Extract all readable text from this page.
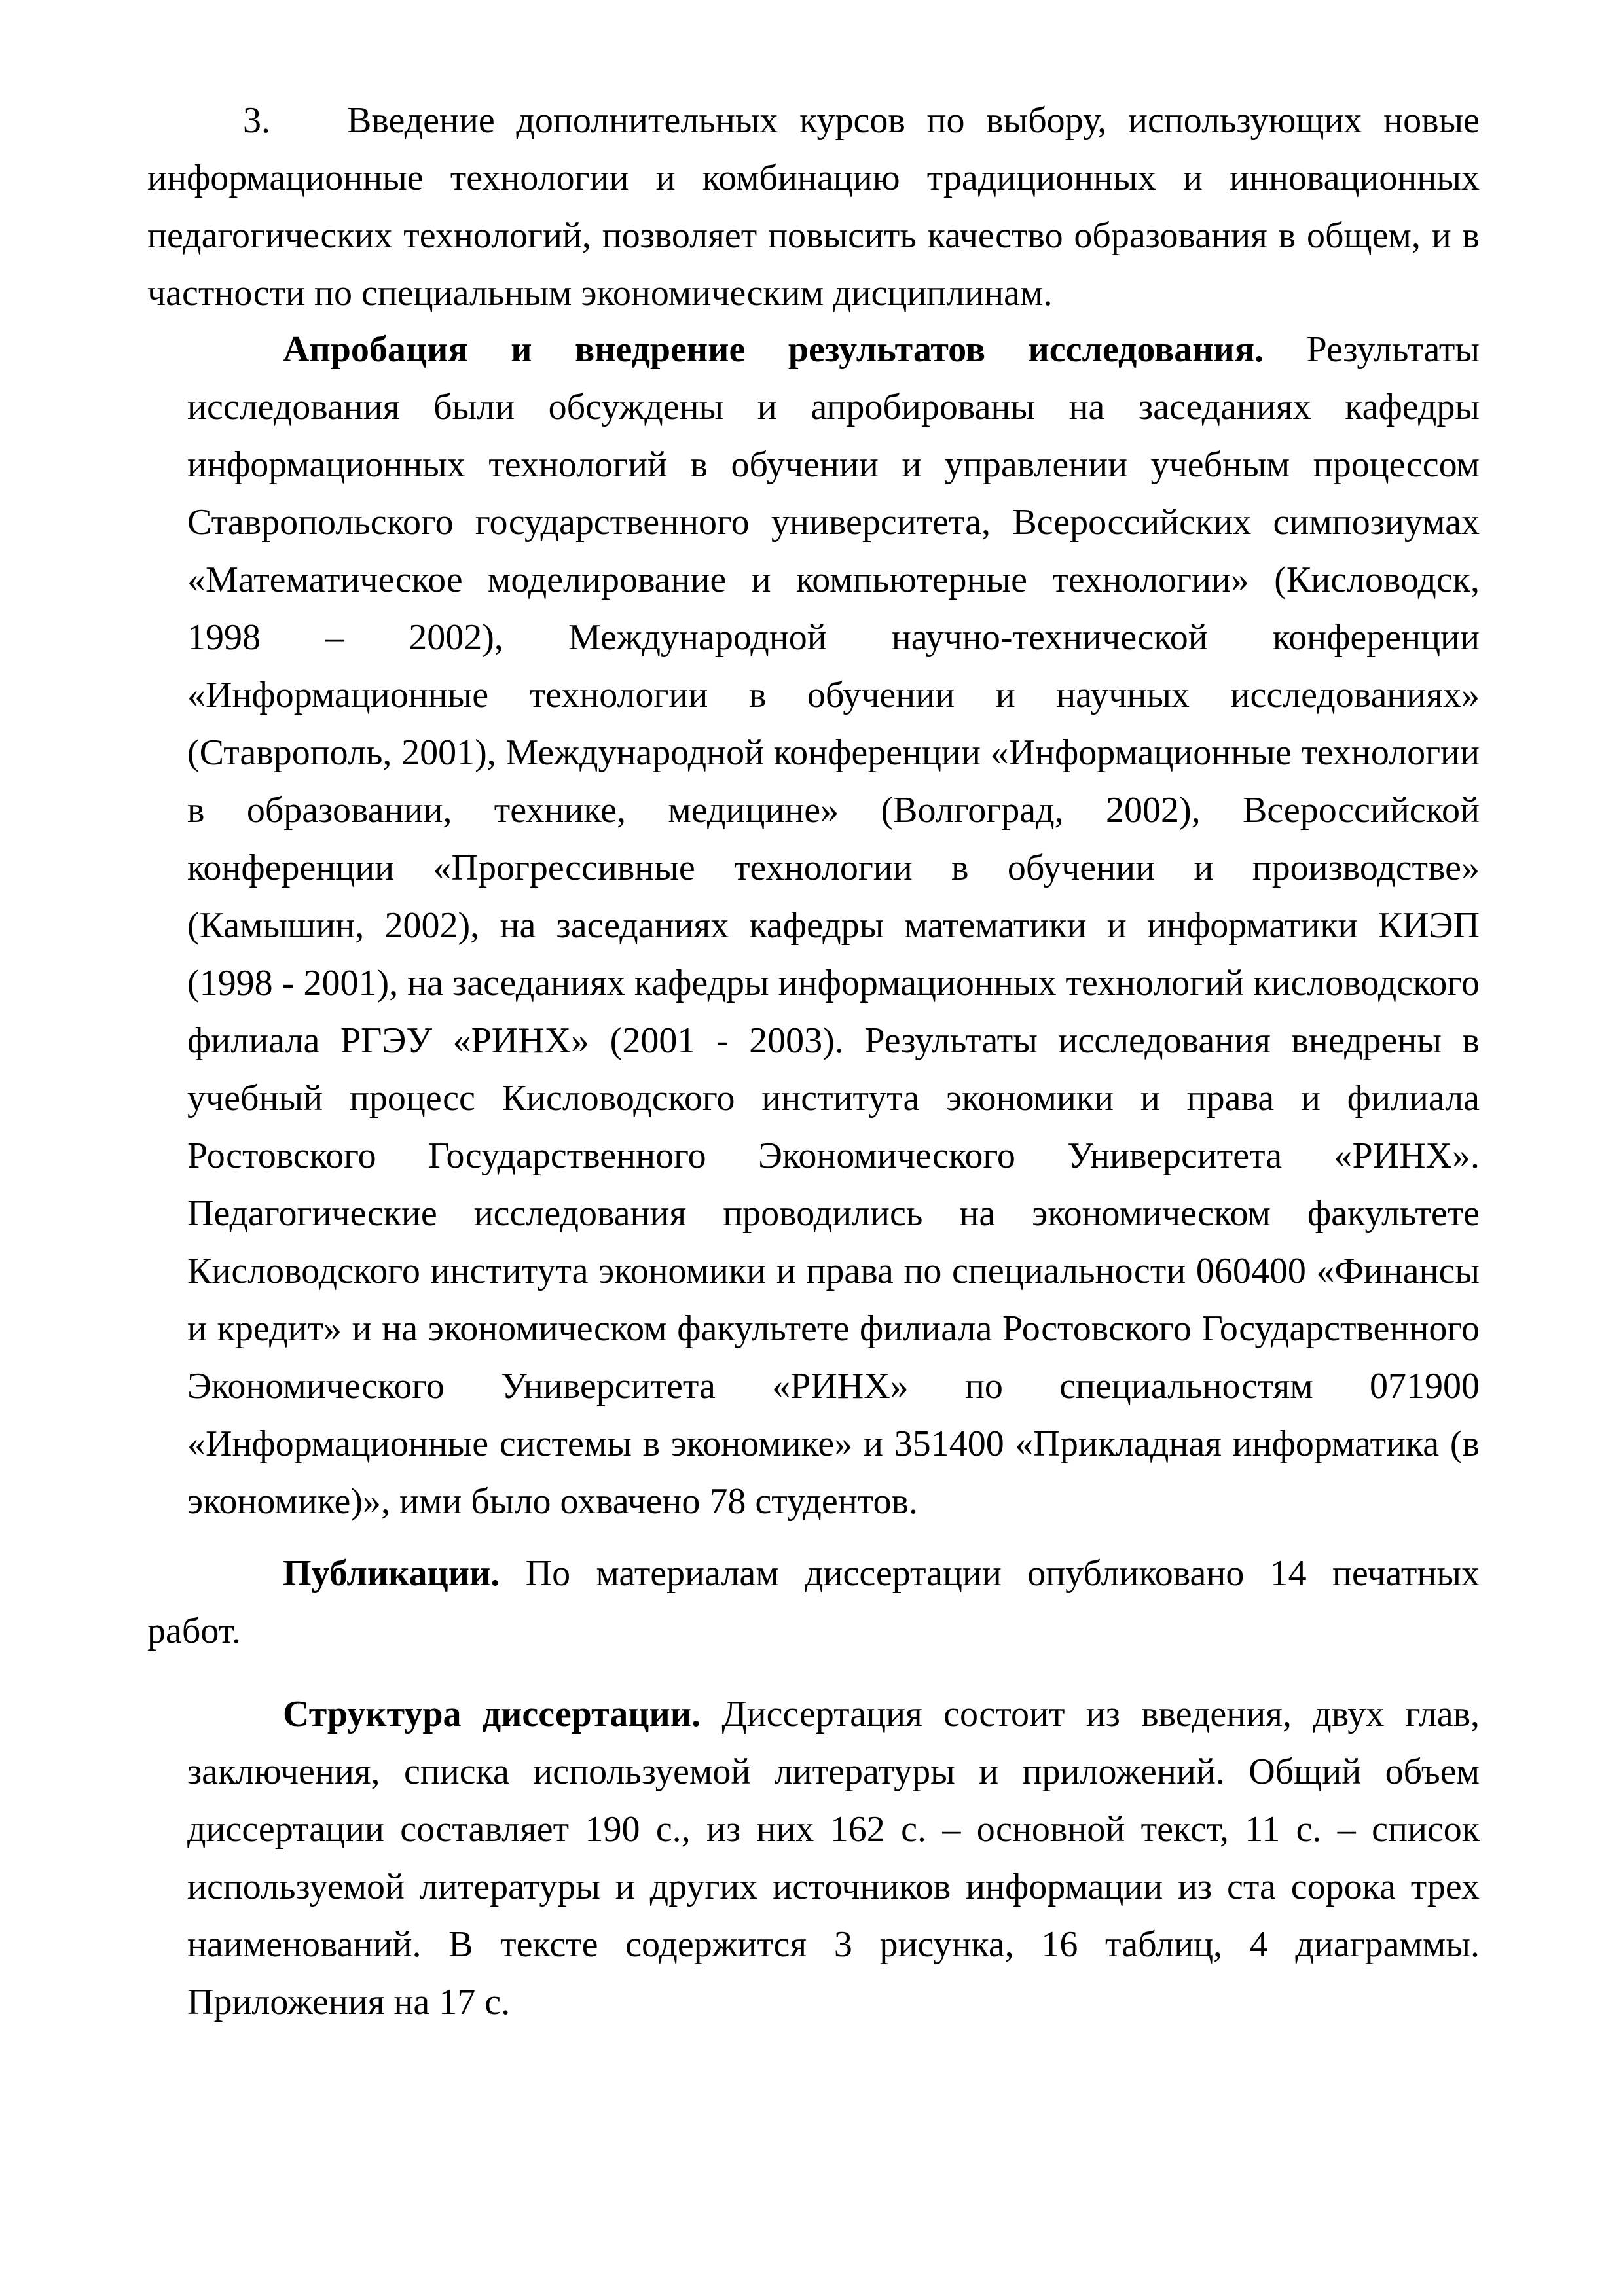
3. Введение дополнительных курсов по выбору, использующих новые информационные технологии и комбинацию традиционных и инновационных педагогических технологий, позволяет повысить качество образования в общем, и в частности по специальным экономическим дисциплинам.

Апробация и внедрение результатов исследования. Результаты исследования были обсуждены и апробированы на заседаниях кафедры информационных технологий в обучении и управлении учебным процессом Ставропольского государственного университета, Всероссийских симпозиумах «Математическое моделирование и компьютерные технологии» (Кисловодск, 1998 – 2002), Международной научно-технической конференции «Информационные технологии в обучении и научных исследованиях» (Ставрополь, 2001), Международной конференции «Информационные технологии в образовании, технике, медицине» (Волгоград, 2002), Всероссийской конференции «Прогрессивные технологии в обучении и производстве» (Камышин, 2002), на заседаниях кафедры математики и информатики КИЭП (1998 - 2001), на заседаниях кафедры информационных технологий кисловодского филиала РГЭУ «РИНХ» (2001 - 2003). Результаты исследования внедрены в учебный процесс Кисловодского института экономики и права и филиала Ростовского Государственного Экономического Университета «РИНХ». Педагогические исследования проводились на экономическом факультете Кисловодского института экономики и права по специальности 060400 «Финансы и кредит» и на экономическом факультете филиала Ростовского Государственного Экономического Университета «РИНХ» по специальностям 071900 «Информационные системы в экономике» и 351400 «Прикладная информатика (в экономике)», ими было охвачено 78 студентов.

Публикации. По материалам диссертации опубликовано 14 печатных

работ.

Структура диссертации. Диссертация состоит из введения, двух глав, заключения, списка используемой литературы и приложений. Общий объем диссертации составляет 190 с., из них 162 с. – основной текст, 11 с. – список используемой литературы и других источников информации из ста сорока трех наименований. В тексте содержится 3 рисунка, 16 таблиц, 4 диаграммы. Приложения на 17 с.
